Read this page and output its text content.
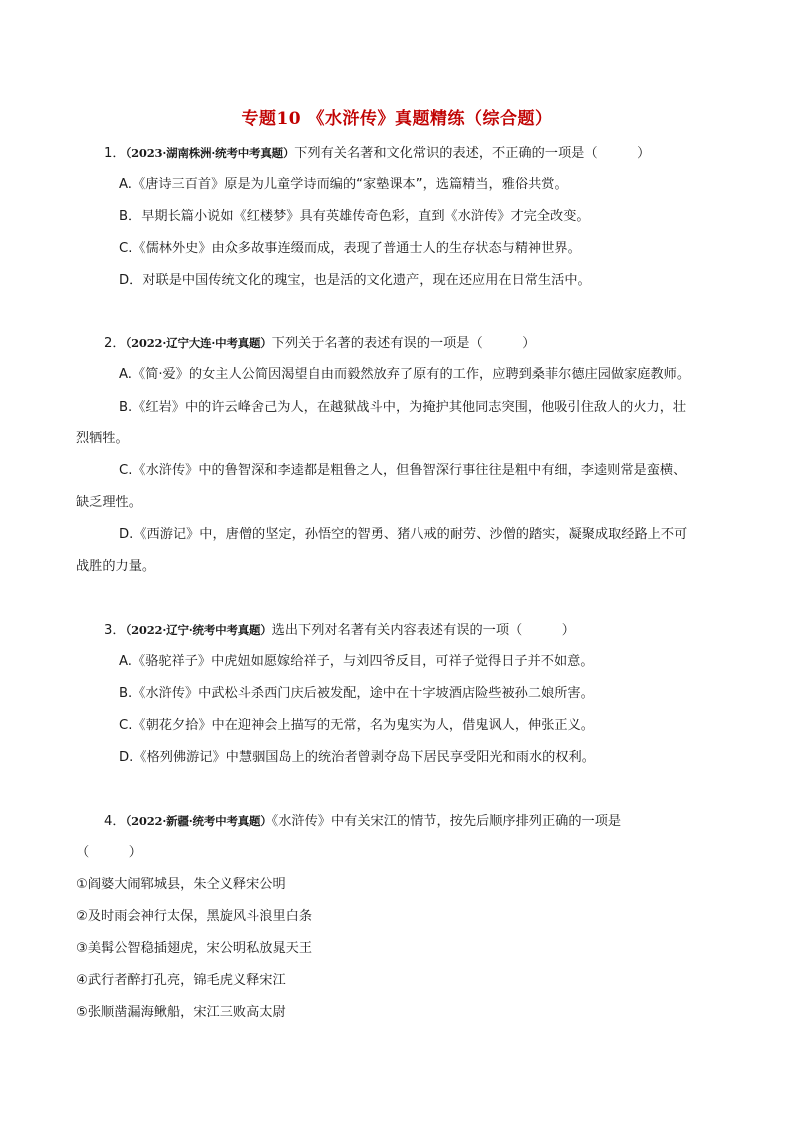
专题10 《水浒传》真题精练（综合题）

1．（2023·湖南株洲·统考中考真题）下列有关名著和文化常识的表述，不正确的一项是（　　　）

A.《唐诗三百首》原是为儿童学诗而编的“家塾课本”，选篇精当，雅俗共赏。

B．早期长篇小说如《红楼梦》具有英雄传奇色彩，直到《水浒传》才完全改变。

C.《儒林外史》由众多故事连缀而成，表现了普通士人的生存状态与精神世界。

D．对联是中国传统文化的瑰宝，也是活的文化遗产，现在还应用在日常生活中。

2．（2022·辽宁大连·中考真题）下列关于名著的表述有误的一项是（　　　）

A.《简·爱》的女主人公简因渴望自由而毅然放弃了原有的工作，应聘到桑菲尔德庄园做家庭教师。

B.《红岩》中的许云峰舍己为人，在越狱战斗中，为掩护其他同志突围，他吸引住敌人的火力，壮

烈牺牲。

C.《水浒传》中的鲁智深和李逵都是粗鲁之人，但鲁智深行事往往是粗中有细，李逵则常是蛮横、

缺乏理性。

D.《西游记》中，唐僧的坚定，孙悟空的智勇、猪八戒的耐劳、沙僧的踏实，凝聚成取经路上不可

战胜的力量。

3．（2022·辽宁·统考中考真题）选出下列对名著有关内容表述有误的一项（　　　）

A.《骆驼祥子》中虎妞如愿嫁给祥子，与刘四爷反目，可祥子觉得日子并不如意。

B.《水浒传》中武松斗杀西门庆后被发配，途中在十字坡酒店险些被孙二娘所害。

C.《朝花夕拾》中在迎神会上描写的无常，名为鬼实为人，借鬼讽人，伸张正义。

D.《格列佛游记》中慧骃国岛上的统治者曾剥夺岛下居民享受阳光和雨水的权利。

4．（2022·新疆·统考中考真题）《水浒传》中有关宋江的情节，按先后顺序排列正确的一项是

（　　　）

①阎婆大闹郓城县，朱仝义释宋公明

②及时雨会神行太保，黑旋风斗浪里白条

③美髯公智稳插翅虎，宋公明私放晁天王

④武行者醉打孔亮，锦毛虎义释宋江

⑤张顺凿漏海鳅船，宋江三败高太尉
